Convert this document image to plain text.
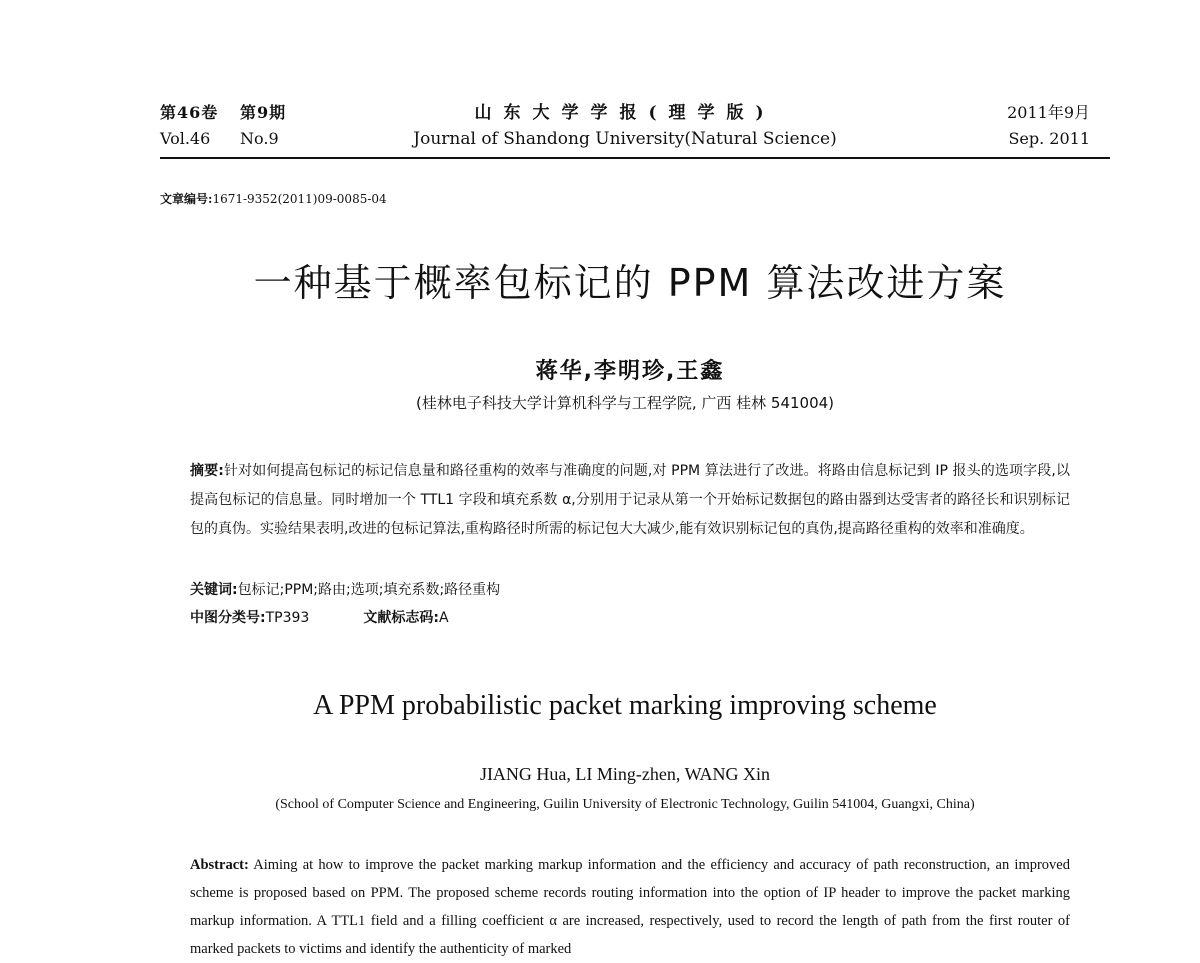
第46卷 第9期
Vol.46 No.9
山东大学学报(理学版)
Journal of Shandong University(Natural Science)
2011年9月
Sep. 2011
文章编号:1671-9352(2011)09-0085-04
一种基于概率包标记的 PPM 算法改进方案
蒋华,李明珍,王鑫
(桂林电子科技大学计算机科学与工程学院, 广西 桂林 541004)
摘要:针对如何提高包标记的标记信息量和路径重构的效率与准确度的问题,对 PPM 算法进行了改进。将路由信息标记到 IP 报头的选项字段,以提高包标记的信息量。同时增加一个 TTL1 字段和填充系数 α,分别用于记录从第一个开始标记数据包的路由器到达受害者的路径长和识别标记包的真伪。实验结果表明,改进的包标记算法,重构路径时所需的标记包大大减少,能有效识别标记包的真伪,提高路径重构的效率和准确度。
关键词:包标记;PPM;路由;选项;填充系数;路径重构
中图分类号:TP393	文献标志码:A
A PPM probabilistic packet marking improving scheme
JIANG Hua, LI Ming-zhen, WANG Xin
(School of Computer Science and Engineering, Guilin University of Electronic Technology, Guilin 541004, Guangxi, China)
Abstract: Aiming at how to improve the packet marking markup information and the efficiency and accuracy of path reconstruction, an improved scheme is proposed based on PPM. The proposed scheme records routing information into the option of IP header to improve the packet marking markup information. A TTL1 field and a filling coefficient α are increased, respectively, used to record the length of path from the first router of marked packets to victims and identify the authenticity of marked
